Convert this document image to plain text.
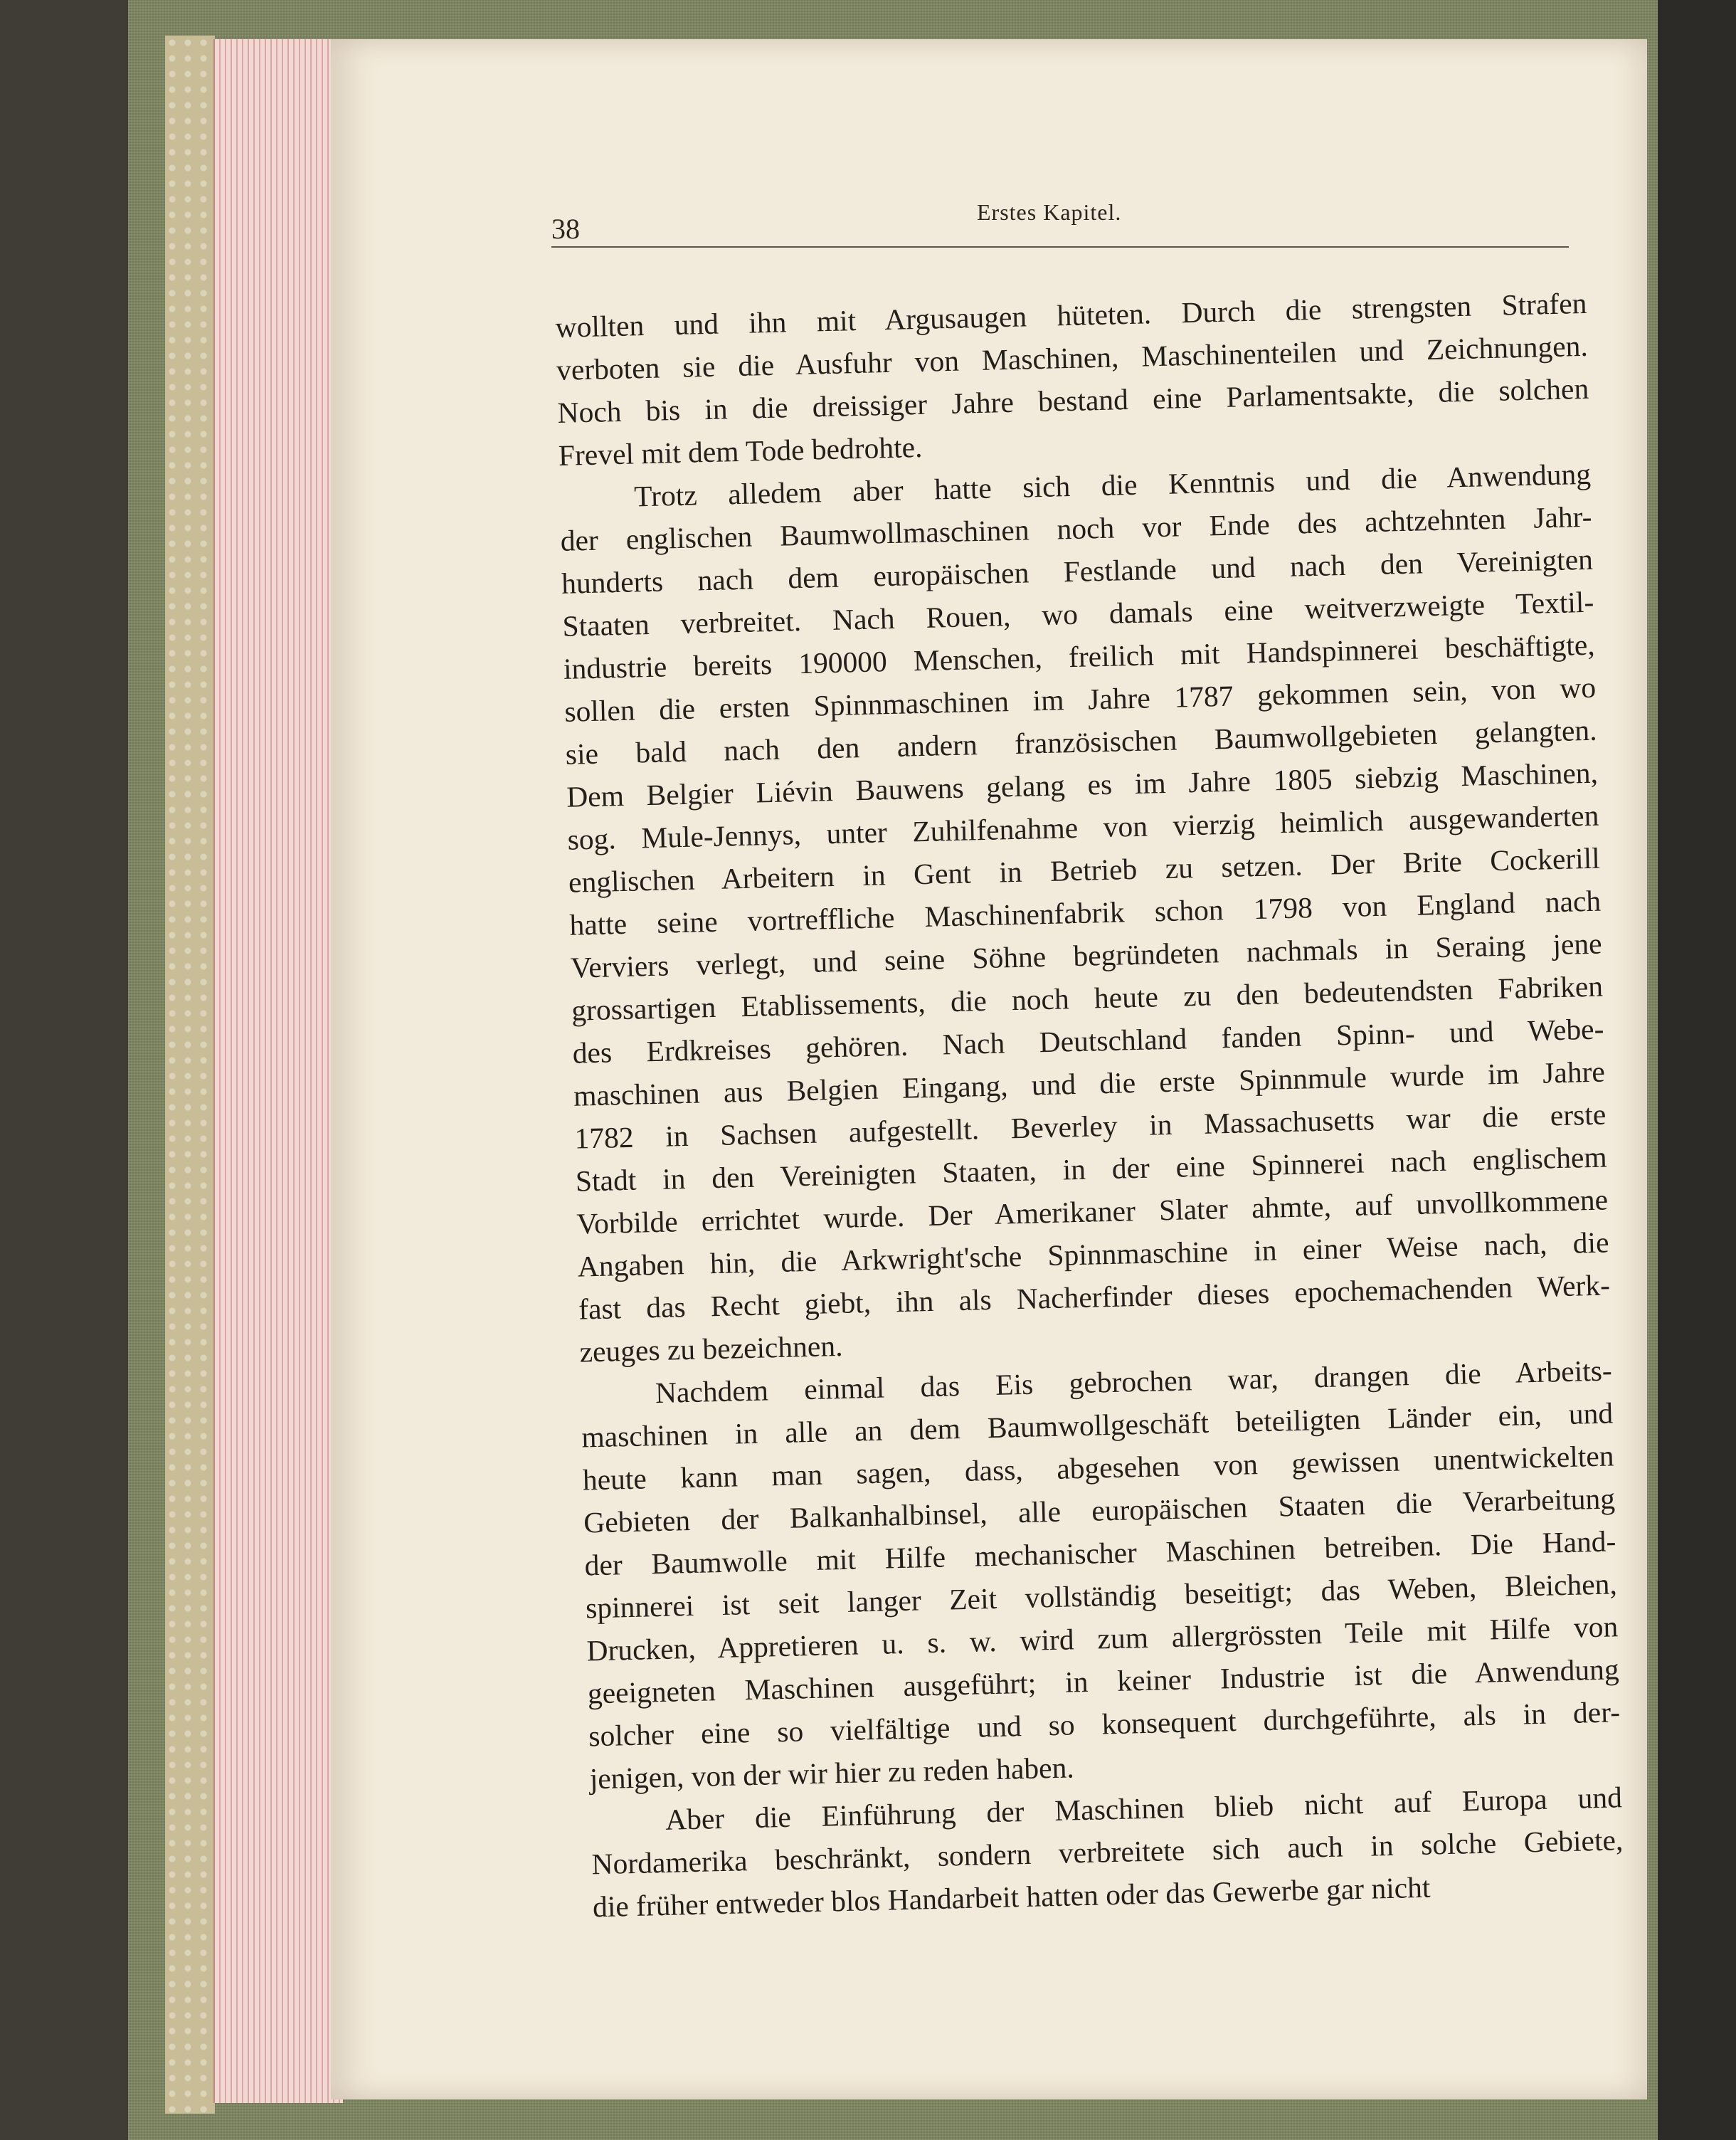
38
Erstes Kapitel.
wollten und ihn mit Argusaugen hüteten. Durch die strengsten Strafen
verboten sie die Ausfuhr von Maschinen, Maschinenteilen und Zeichnungen.
Noch bis in die dreissiger Jahre bestand eine Parlamentsakte, die solchen
Frevel mit dem Tode bedrohte.
Trotz alledem aber hatte sich die Kenntnis und die Anwendung
der englischen Baumwollmaschinen noch vor Ende des achtzehnten Jahr-
hunderts nach dem europäischen Festlande und nach den Vereinigten
Staaten verbreitet. Nach Rouen, wo damals eine weitverzweigte Textil-
industrie bereits 190000 Menschen, freilich mit Handspinnerei beschäftigte,
sollen die ersten Spinnmaschinen im Jahre 1787 gekommen sein, von wo
sie bald nach den andern französischen Baumwollgebieten gelangten.
Dem Belgier Liévin Bauwens gelang es im Jahre 1805 siebzig Maschinen,
sog. Mule-Jennys, unter Zuhilfenahme von vierzig heimlich ausgewanderten
englischen Arbeitern in Gent in Betrieb zu setzen. Der Brite Cockerill
hatte seine vortreffliche Maschinenfabrik schon 1798 von England nach
Verviers verlegt, und seine Söhne begründeten nachmals in Seraing jene
grossartigen Etablissements, die noch heute zu den bedeutendsten Fabriken
des Erdkreises gehören. Nach Deutschland fanden Spinn- und Webe-
maschinen aus Belgien Eingang, und die erste Spinnmule wurde im Jahre
1782 in Sachsen aufgestellt. Beverley in Massachusetts war die erste
Stadt in den Vereinigten Staaten, in der eine Spinnerei nach englischem
Vorbilde errichtet wurde. Der Amerikaner Slater ahmte, auf unvollkommene
Angaben hin, die Arkwright'sche Spinnmaschine in einer Weise nach, die
fast das Recht giebt, ihn als Nacherfinder dieses epochemachenden Werk-
zeuges zu bezeichnen.
Nachdem einmal das Eis gebrochen war, drangen die Arbeits-
maschinen in alle an dem Baumwollgeschäft beteiligten Länder ein, und
heute kann man sagen, dass, abgesehen von gewissen unentwickelten
Gebieten der Balkanhalbinsel, alle europäischen Staaten die Verarbeitung
der Baumwolle mit Hilfe mechanischer Maschinen betreiben. Die Hand-
spinnerei ist seit langer Zeit vollständig beseitigt; das Weben, Bleichen,
Drucken, Appretieren u. s. w. wird zum allergrössten Teile mit Hilfe von
geeigneten Maschinen ausgeführt; in keiner Industrie ist die Anwendung
solcher eine so vielfältige und so konsequent durchgeführte, als in der-
jenigen, von der wir hier zu reden haben.
Aber die Einführung der Maschinen blieb nicht auf Europa und
Nordamerika beschränkt, sondern verbreitete sich auch in solche Gebiete,
die früher entweder blos Handarbeit hatten oder das Gewerbe gar nicht
